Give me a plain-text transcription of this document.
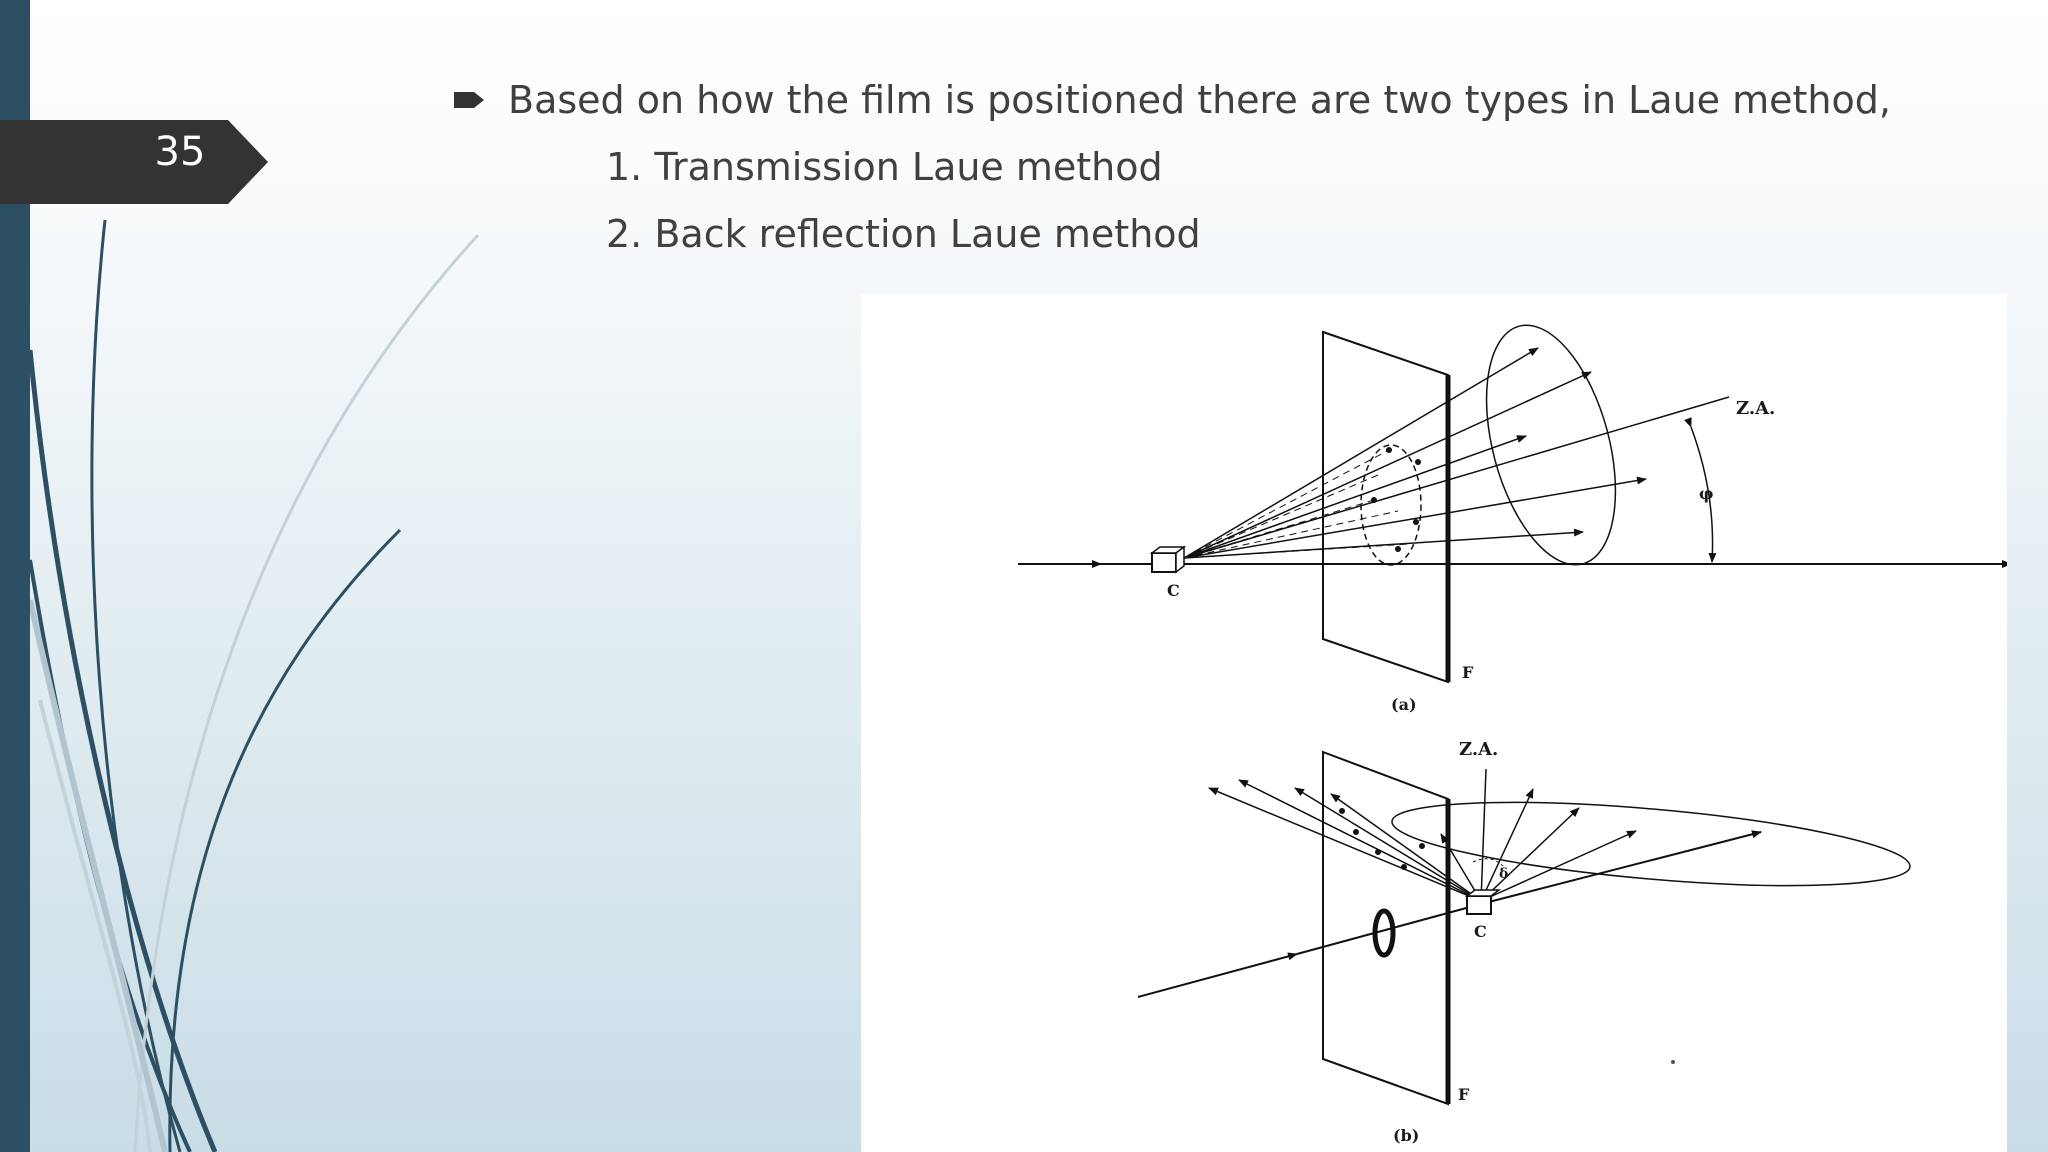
35
Based on how the film is positioned there are two types in Laue method,
1. Transmission Laue method
2. Back reflection Laue method
φ
Z.A.
C
F
(a)
δ
Z.A.
C
F
(b)
